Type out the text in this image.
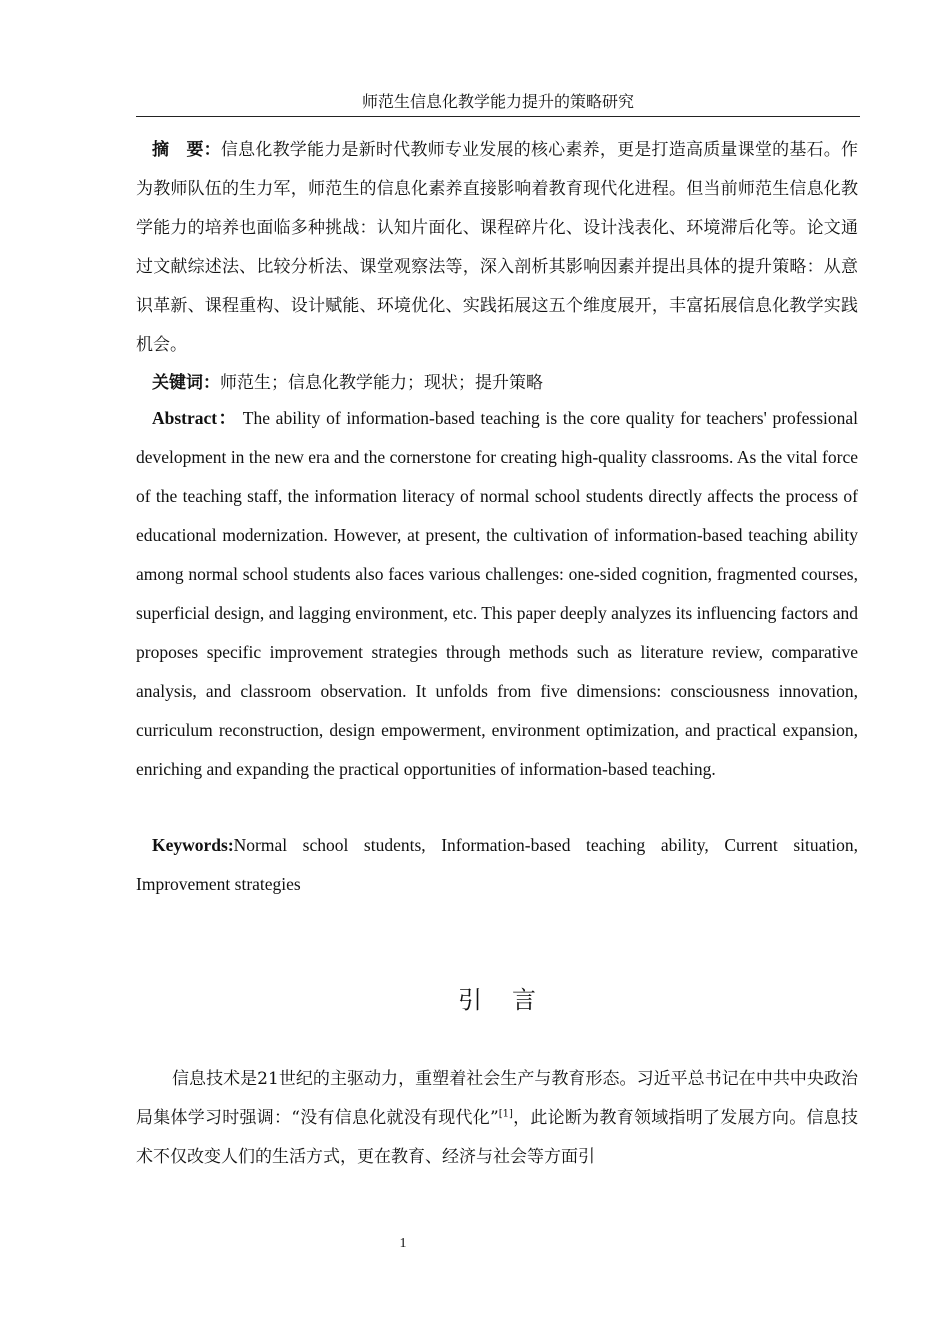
师范生信息化教学能力提升的策略研究
摘　要：信息化教学能力是新时代教师专业发展的核心素养，更是打造高质量课堂的基石。作为教师队伍的生力军，师范生的信息化素养直接影响着教育现代化进程。但当前师范生信息化教学能力的培养也面临多种挑战：认知片面化、课程碎片化、设计浅表化、环境滞后化等。论文通过文献综述法、比较分析法、课堂观察法等，深入剖析其影响因素并提出具体的提升策略：从意识革新、课程重构、设计赋能、环境优化、实践拓展这五个维度展开，丰富拓展信息化教学实践机会。
关键词：师范生；信息化教学能力；现状；提升策略
Abstract： The ability of information-based teaching is the core quality for teachers' professional development in the new era and the cornerstone for creating high-quality classrooms. As the vital force of the teaching staff, the information literacy of normal school students directly affects the process of educational modernization. However, at present, the cultivation of information-based teaching ability among normal school students also faces various challenges: one-sided cognition, fragmented courses, superficial design, and lagging environment, etc. This paper deeply analyzes its influencing factors and proposes specific improvement strategies through methods such as literature review, comparative analysis, and classroom observation. It unfolds from five dimensions: consciousness innovation, curriculum reconstruction, design empowerment, environment optimization, and practical expansion, enriching and expanding the practical opportunities of information-based teaching.
Keywords:Normal school students, Information-based teaching ability, Current situation, Improvement strategies
引 言
信息技术是21世纪的主驱动力，重塑着社会生产与教育形态。习近平总书记在中共中央政治局集体学习时强调：“没有信息化就没有现代化”[1]，此论断为教育领域指明了发展方向。信息技术不仅改变人们的生活方式，更在教育、经济与社会等方面引
1
